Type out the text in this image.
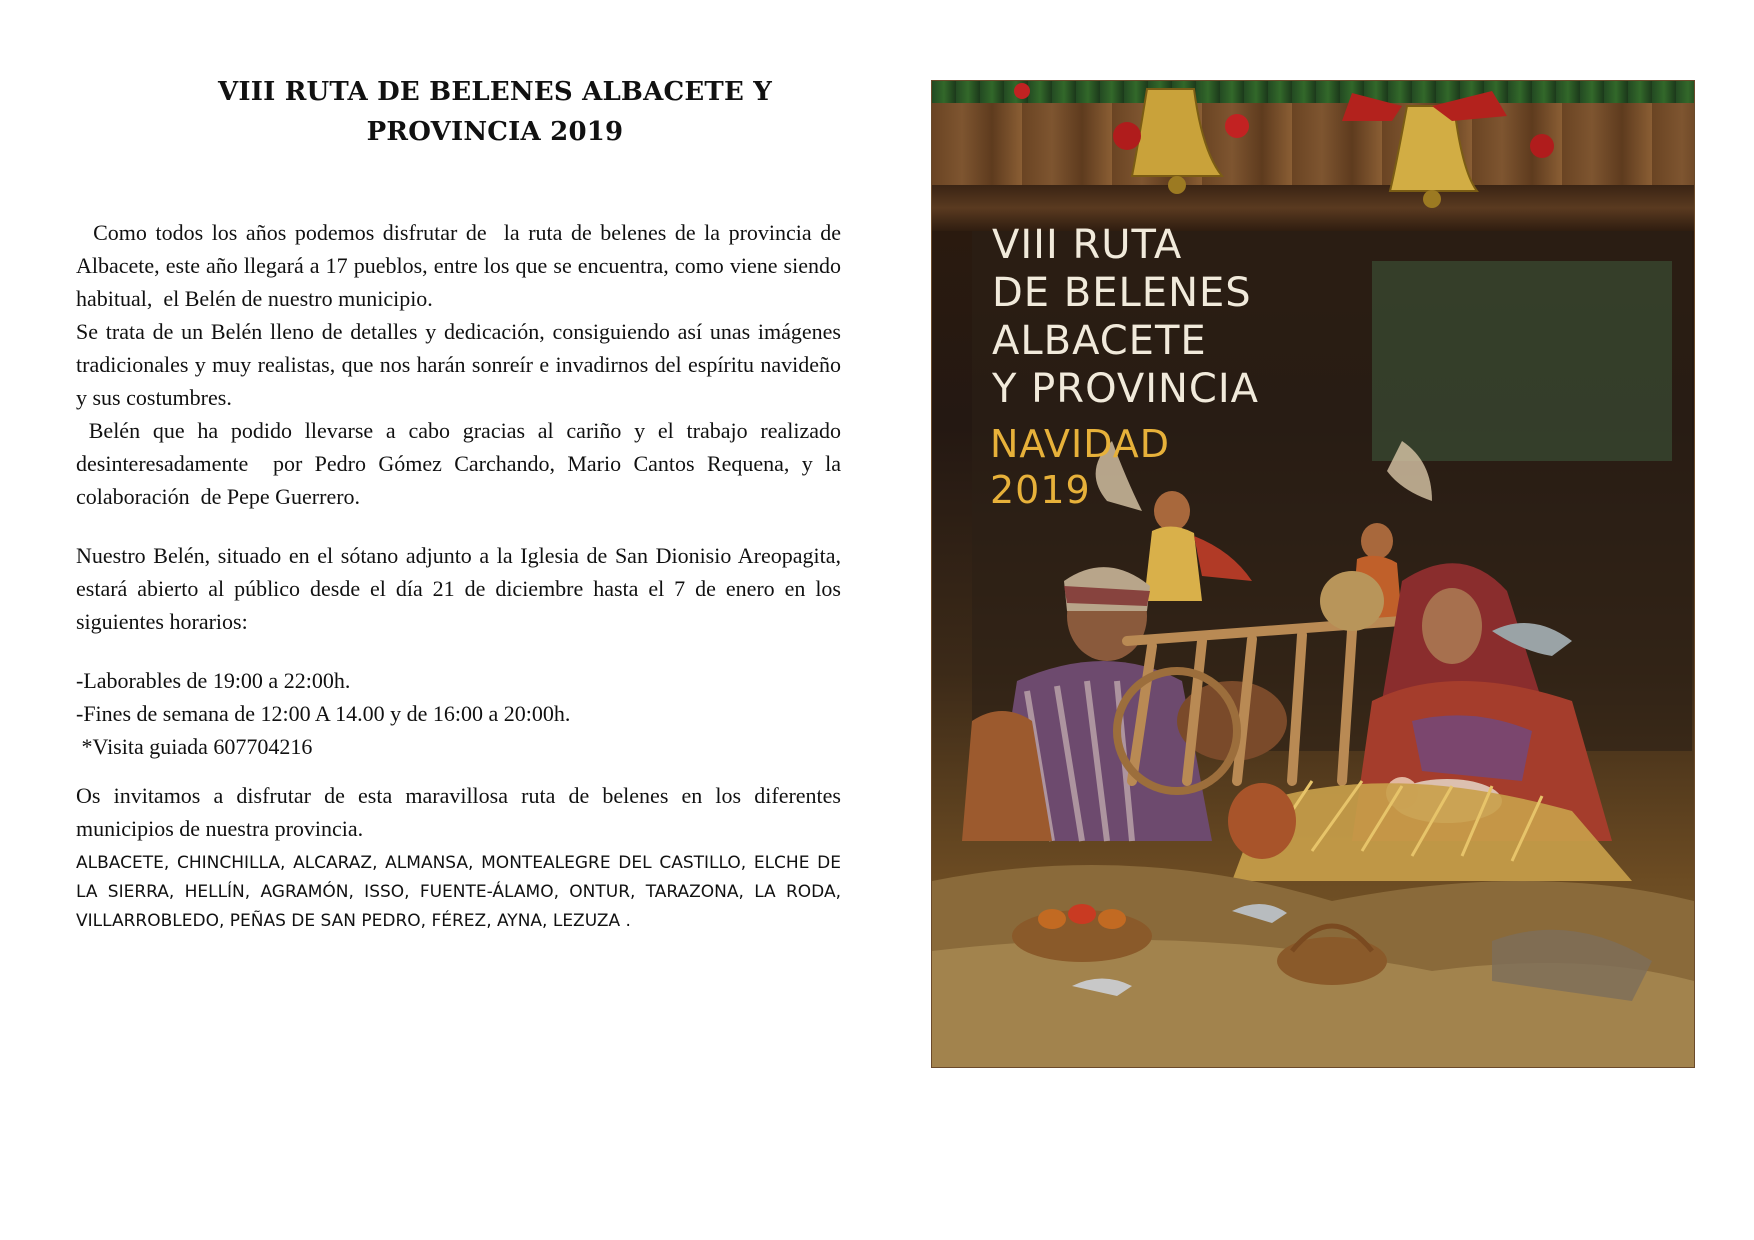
VIII RUTA DE BELENES ALBACETE Y
PROVINCIA 2019

Como todos los años podemos disfrutar de  la ruta de belenes de la provincia de Albacete, este año llegará a 17 pueblos, entre los que se encuentra, como viene siendo habitual,  el Belén de nuestro municipio.

Se trata de un Belén lleno de detalles y dedicación, consiguiendo así unas imágenes tradicionales y muy realistas, que nos harán sonreír e invadirnos del espíritu navideño y sus costumbres.

Belén que ha podido llevarse a cabo gracias al cariño y el trabajo realizado desinteresadamente  por Pedro Gómez Carchando, Mario Cantos Requena, y la colaboración  de Pepe Guerrero.

Nuestro Belén, situado en el sótano adjunto a la Iglesia de San Dionisio Areopagita, estará abierto al público desde el día 21 de diciembre hasta el 7 de enero en los siguientes horarios:

-Laborables de 19:00 a 22:00h.

-Fines de semana de 12:00 A 14.00 y de 16:00 a 20:00h.

*Visita guiada 607704216

Os invitamos a disfrutar de esta maravillosa ruta de belenes en los diferentes municipios de nuestra provincia.

ALBACETE, CHINCHILLA, ALCARAZ, ALMANSA, MONTEALEGRE DEL CASTILLO, ELCHE DE LA SIERRA, HELLÍN, AGRAMÓN, ISSO, FUENTE-ÁLAMO, ONTUR, TARAZONA, LA RODA, VILLARROBLEDO, PEÑAS DE SAN PEDRO, FÉREZ, AYNA, LEZUZA .

VIII RUTA
DE BELENES
ALBACETE
Y PROVINCIA
NAVIDAD
2019
